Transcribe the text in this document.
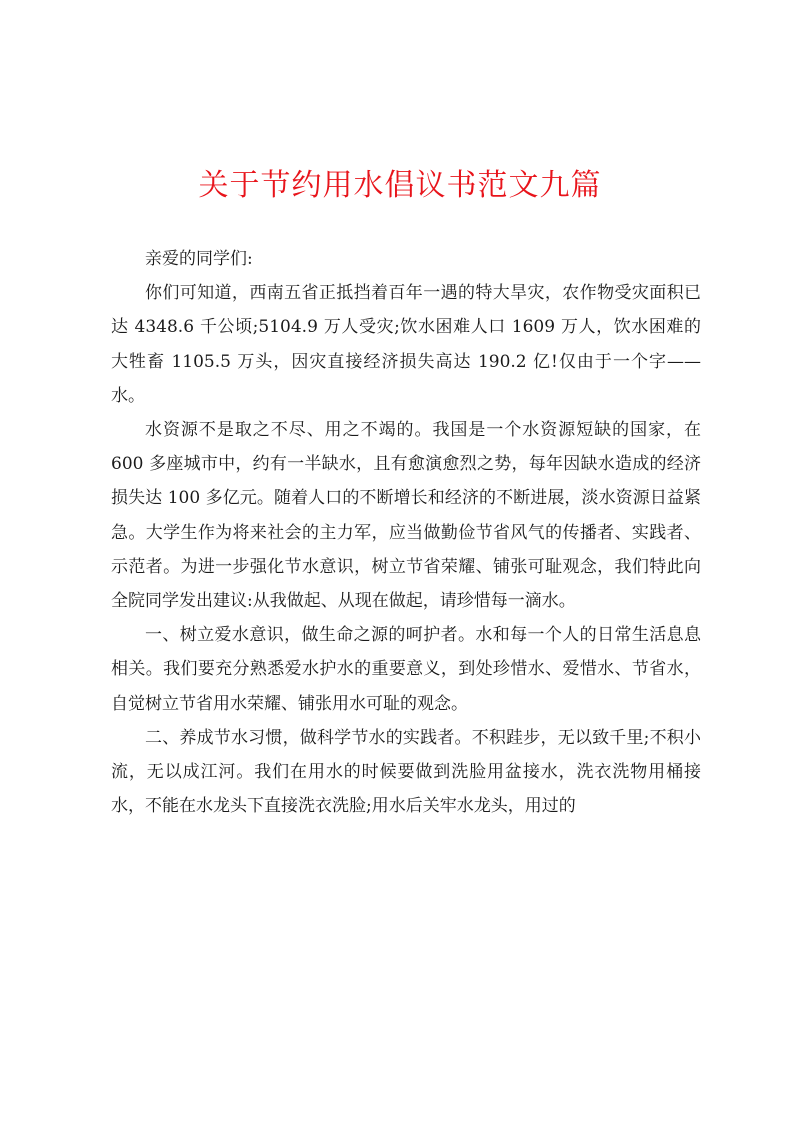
关于节约用水倡议书范文九篇

亲爱的同学们:

你们可知道，西南五省正抵挡着百年一遇的特大旱灾，农作物受灾面积已达 4348.6 千公顷;5104.9 万人受灾;饮水困难人口 1609 万人，饮水困难的大牲畜 1105.5 万头，因灾直接经济损失高达 190.2 亿!仅由于一个字——水。

水资源不是取之不尽、用之不竭的。我国是一个水资源短缺的国家，在 600 多座城市中，约有一半缺水，且有愈演愈烈之势，每年因缺水造成的经济损失达 100 多亿元。随着人口的不断增长和经济的不断进展，淡水资源日益紧急。大学生作为将来社会的主力军，应当做勤俭节省风气的传播者、实践者、示范者。为进一步强化节水意识，树立节省荣耀、铺张可耻观念，我们特此向全院同学发出建议:从我做起、从现在做起，请珍惜每一滴水。

一、树立爱水意识，做生命之源的呵护者。水和每一个人的日常生活息息相关。我们要充分熟悉爱水护水的重要意义，到处珍惜水、爱惜水、节省水，自觉树立节省用水荣耀、铺张用水可耻的观念。

二、养成节水习惯，做科学节水的实践者。不积跬步，无以致千里;不积小流，无以成江河。我们在用水的时候要做到洗脸用盆接水，洗衣洗物用桶接水，不能在水龙头下直接洗衣洗脸;用水后关牢水龙头，用过的
